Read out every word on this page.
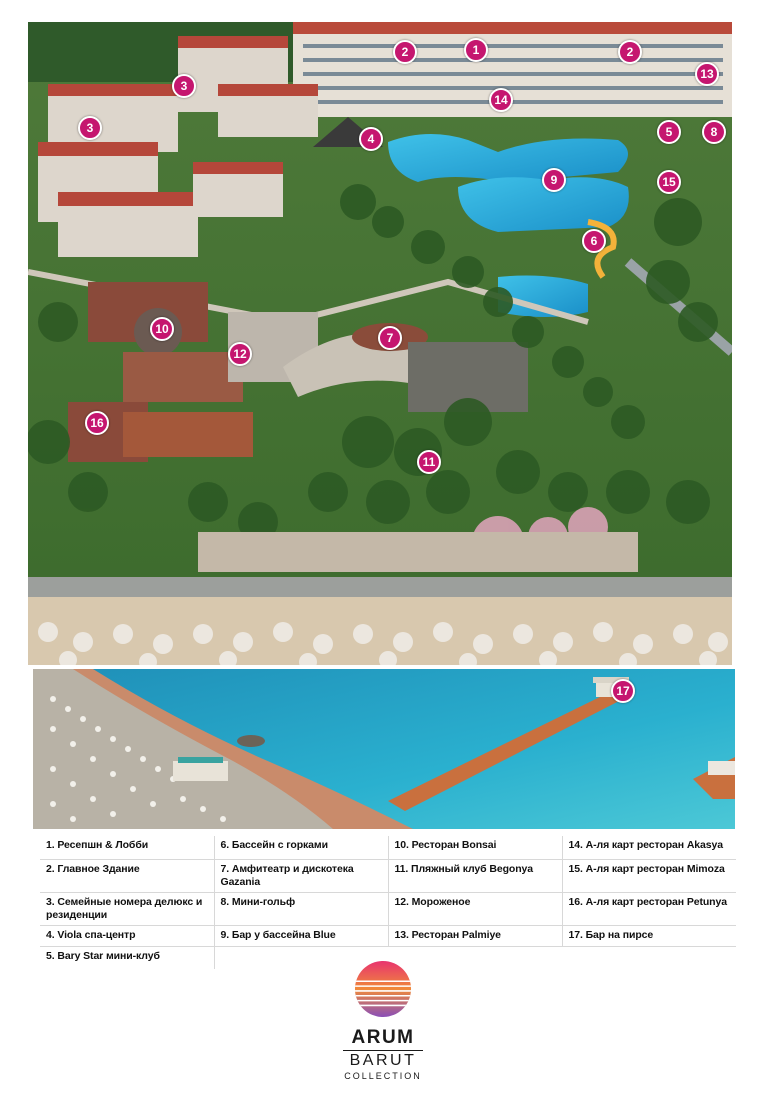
1
2	2
3
3
4	5
6
7
8
9
10
11
12
13
14
15
16
17
1. Ресепшн & Лобби	6. Бассейн с горками	10. Ресторан Bonsai	14. А-ля карт ресторан Akasya
2. Главное Здание	7. Амфитеатр и дискотека Gazania	11. Пляжный клуб Begonya	15. А-ля карт ресторан Mimoza
3. Семейные номера делюкс и резиденции	8. Мини-гольф	12. Мороженое	16. А-ля карт ресторан Petunya
4. Viola спа-центр	9. Бар у бассейна Blue	13. Ресторан Palmiye	17. Бар на пирсе
5. Bary Star мини-клуб			
ARUM
BARUT
COLLECTION
